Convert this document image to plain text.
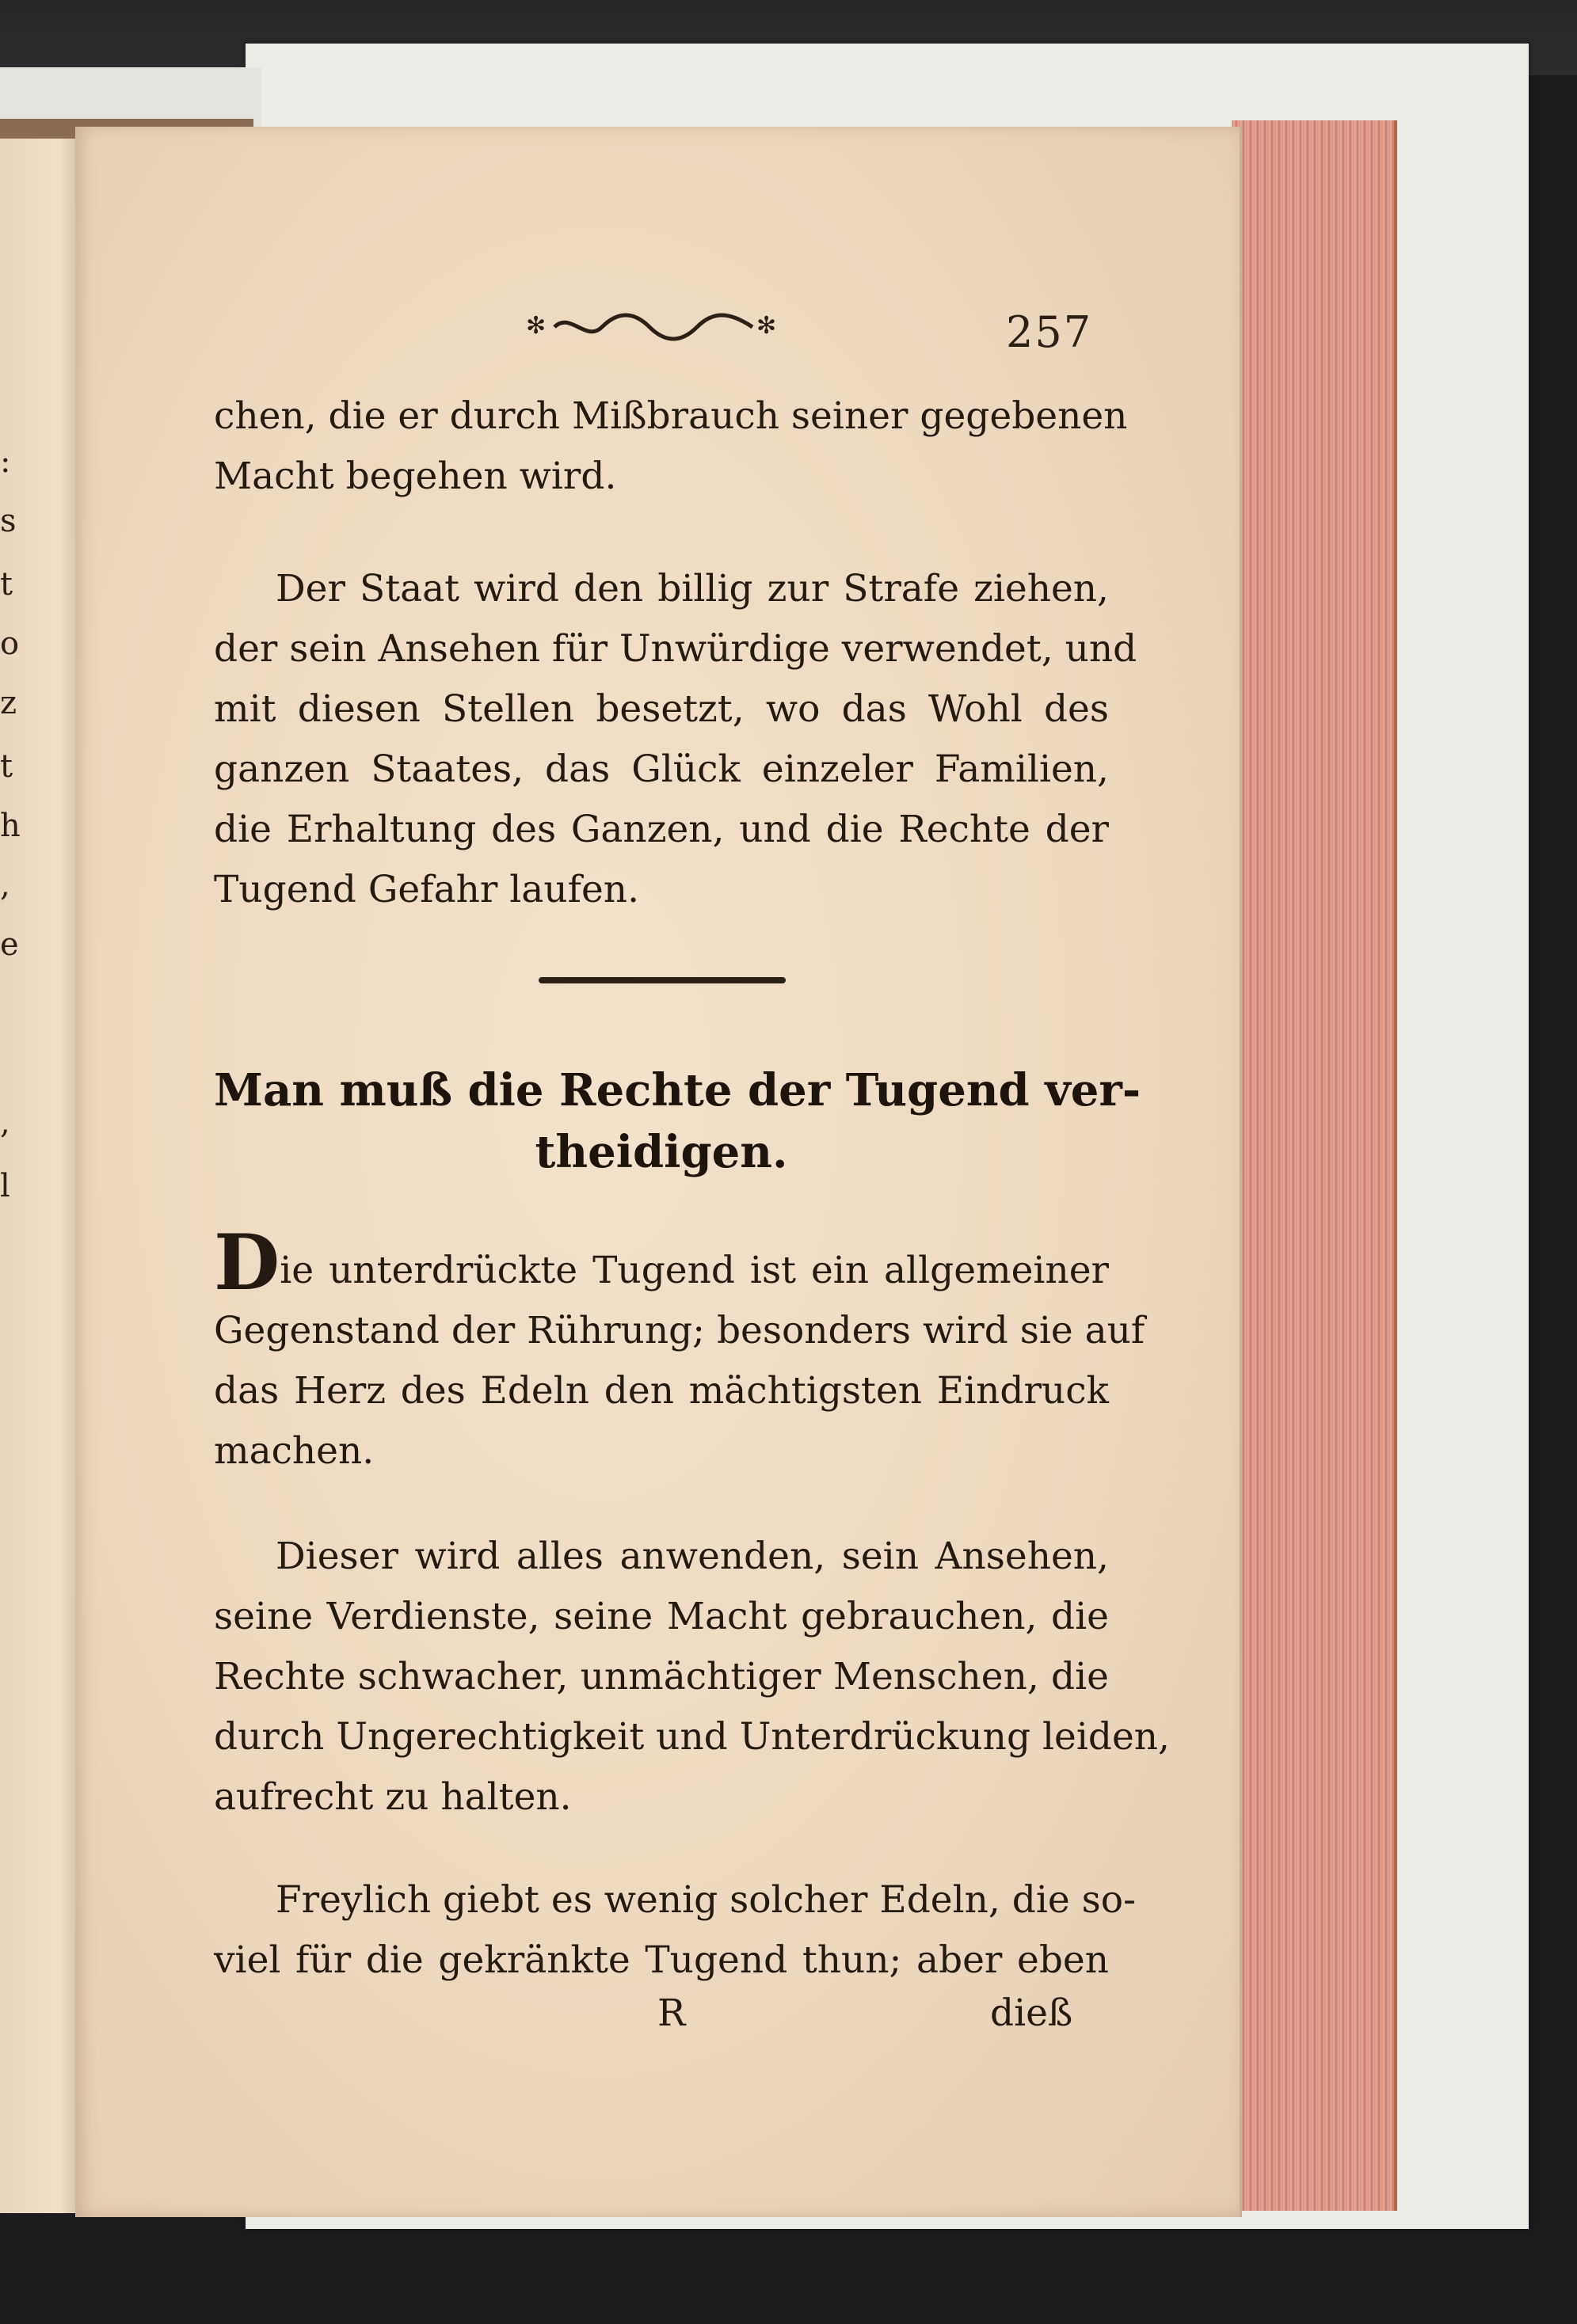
:
s
t
o
z
t
h
,
e
,
l
✻	✻	257
chen, die er durch Mißbrauch seiner gegebenen
Macht begehen wird.
Der Staat wird den billig zur Strafe ziehen,
der sein Ansehen für Unwürdige verwendet, und
mit diesen Stellen besetzt, wo das Wohl des
ganzen Staates, das Glück einzeler Familien,
die Erhaltung des Ganzen, und die Rechte der
Tugend Gefahr laufen.
Man muß die Rechte der Tugend ver-
theidigen.
Die unterdrückte Tugend ist ein allgemeiner
Gegenstand der Rührung; besonders wird sie auf
das Herz des Edeln den mächtigsten Eindruck
machen.
Dieser wird alles anwenden, sein Ansehen,
seine Verdienste, seine Macht gebrauchen, die
Rechte schwacher, unmächtiger Menschen, die
durch Ungerechtigkeit und Unterdrückung leiden,
aufrecht zu halten.
Freylich giebt es wenig solcher Edeln, die so-
viel für die gekränkte Tugend thun; aber eben
R	dieß
